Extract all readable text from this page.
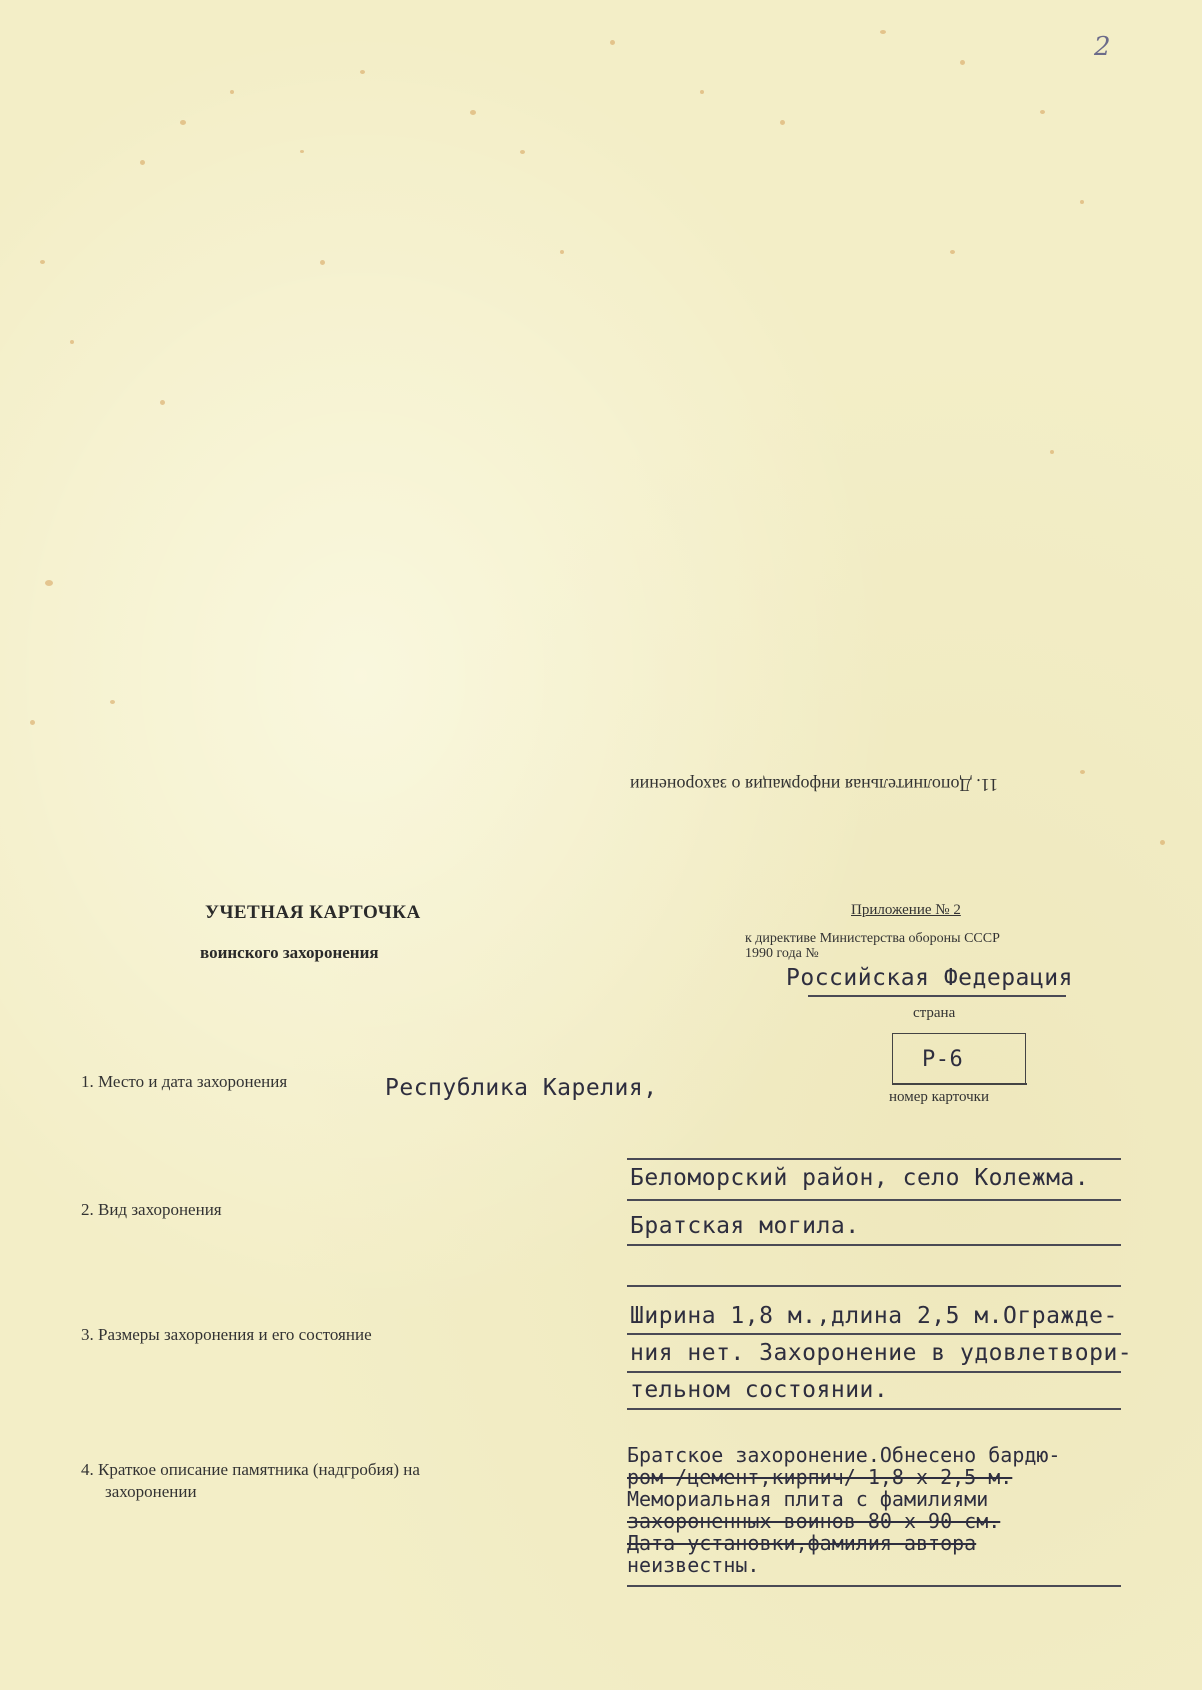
2
11. Дополнительная информация о захоронении
УЧЕТНАЯ КАРТОЧКА
воинского захоронения
Приложение № 2
к директиве Министерства обороны СССР
1990 года №
Российская Федерация
страна
Р-6
номер карточки
1. Место и дата захоронения	Республика Карелия,
Беломорский район, село Колежма.
2. Вид захоронения
Братская могила.
3. Размеры захоронения и его состояние
Ширина 1,8 м.,длина 2,5 м.Огражде-
ния нет. Захоронение в удовлетвори-
тельном состоянии.
4. Краткое описание памятника (надгробия) на
захоронении
Братское захоронение.Обнесено бардю-
ром /цемент,кирпич/ 1,8 х 2,5 м.
Мемориальная плита с фамилиями
захороненных воинов 80 х 90 см.
Дата установки,фамилия автора
неизвестны.
